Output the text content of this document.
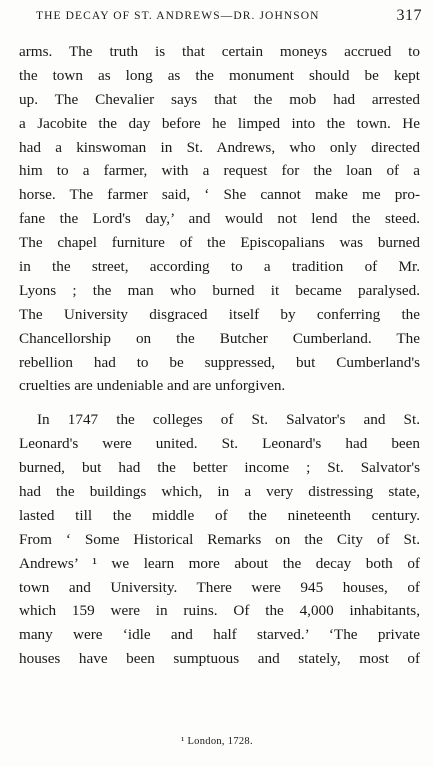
THE DECAY OF ST. ANDREWS—DR. JOHNSON	317
arms. The truth is that certain moneys accrued to
the town as long as the monument should be kept
up. The Chevalier says that the mob had arrested
a Jacobite the day before he limped into the town. He
had a kinswoman in St. Andrews, who only directed
him to a farmer, with a request for the loan of a
horse. The farmer said, ‘ She cannot make me pro-
fane the Lord's day,’ and would not lend the steed.
The chapel furniture of the Episcopalians was burned
in the street, according to a tradition of Mr.
Lyons ; the man who burned it became paralysed.
The University disgraced itself by conferring the
Chancellorship on the Butcher Cumberland. The
rebellion had to be suppressed, but Cumberland's
cruelties are undeniable and are unforgiven.
In 1747 the colleges of St. Salvator's and St.
Leonard's were united. St. Leonard's had been
burned, but had the better income ; St. Salvator's
had the buildings which, in a very distressing state,
lasted till the middle of the nineteenth century.
From ‘ Some Historical Remarks on the City of St.
Andrews’ ¹ we learn more about the decay both of
town and University. There were 945 houses, of
which 159 were in ruins. Of the 4,000 inhabitants,
many were ‘idle and half starved.’ ‘The private
houses have been sumptuous and stately, most of
¹ London, 1728.
